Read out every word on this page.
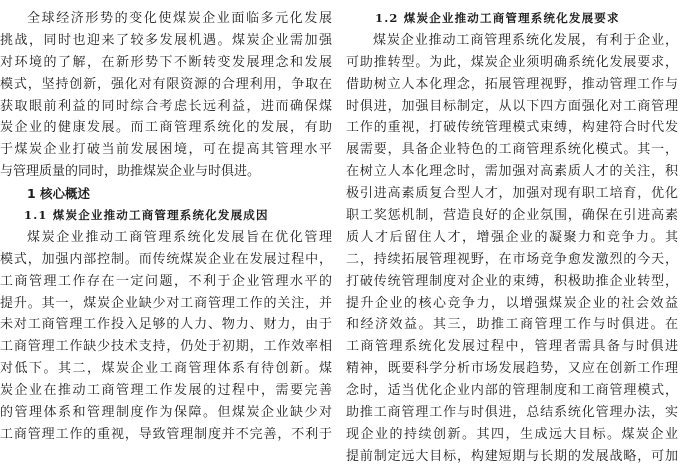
全球经济形势的变化使煤炭企业面临多元化发展
挑战，同时也迎来了较多发展机遇。煤炭企业需加强
对环境的了解，在新形势下不断转变发展理念和发展
模式，坚持创新，强化对有限资源的合理利用，争取在
获取眼前利益的同时综合考虑长远利益，进而确保煤
炭企业的健康发展。而工商管理系统化的发展，有助
于煤炭企业打破当前发展困境，可在提高其管理水平
与管理质量的同时，助推煤炭企业与时俱进。
1 核心概述
1.1 煤炭企业推动工商管理系统化发展成因
煤炭企业推动工商管理系统化发展旨在优化管理
模式，加强内部控制。而传统煤炭企业在发展过程中，
工商管理工作存在一定问题，不利于企业管理水平的
提升。其一，煤炭企业缺少对工商管理工作的关注，并
未对工商管理工作投入足够的人力、物力、财力，由于
工商管理工作缺少技术支持，仍处于初期，工作效率相
对低下。其二，煤炭企业工商管理体系有待创新。煤
炭企业在推动工商管理工作发展的过程中，需要完善
的管理体系和管理制度作为保障。但煤炭企业缺少对
工商管理工作的重视，导致管理制度并不完善，不利于
1.2 煤炭企业推动工商管理系统化发展要求
煤炭企业推动工商管理系统化发展，有利于企业，
可助推转型。为此，煤炭企业须明确系统化发展要求，
借助树立人本化理念，拓展管理视野，推动管理工作与
时俱进，加强目标制定，从以下四方面强化对工商管理
工作的重视，打破传统管理模式束缚，构建符合时代发
展需要，具备企业特色的工商管理系统化模式。其一，
在树立人本化理念时，需加强对高素质人才的关注，积
极引进高素质复合型人才，加强对现有职工培育，优化
职工奖惩机制，营造良好的企业氛围，确保在引进高素
质人才后留住人才，增强企业的凝聚力和竞争力。其
二，持续拓展管理视野，在市场竞争愈发激烈的今天，
打破传统管理制度对企业的束缚，积极助推企业转型，
提升企业的核心竞争力，以增强煤炭企业的社会效益
和经济效益。其三，助推工商管理工作与时俱进。在
工商管理系统化发展过程中，管理者需具备与时俱进
精神，既要科学分析市场发展趋势，又应在创新工作理
念时，适当优化企业内部的管理制度和工商管理模式，
助推工商管理工作与时俱进，总结系统化管理办法，实
现企业的持续创新。其四，生成远大目标。煤炭企业
提前制定远大目标，构建短期与长期的发展战略，可加
